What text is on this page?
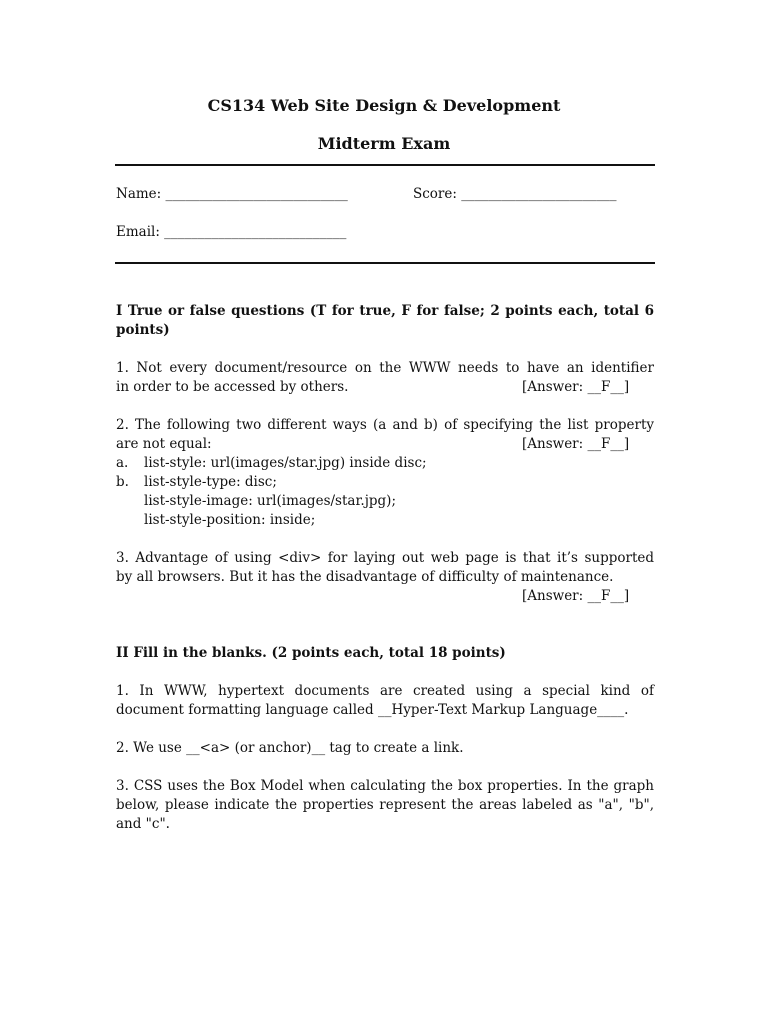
CS134 Web Site Design & Development
Midterm Exam
Name: ___________________________	Score: _______________________
Email: ___________________________
I True or false questions (T for true, F for false; 2 points each, total 6
points)
1. Not every document/resource on the WWW needs to have an identifier
in order to be accessed by others.	[Answer: __F__]
2. The following two different ways (a and b) of specifying the list property
are not equal:	[Answer: __F__]
a. list-style: url(images/star.jpg) inside disc;
b. list-style-type: disc;
list-style-image: url(images/star.jpg);
list-style-position: inside;
3. Advantage of using <div> for laying out web page is that it’s supported
by all browsers. But it has the disadvantage of difficulty of maintenance.
[Answer: __F__]
II Fill in the blanks. (2 points each, total 18 points)
1. In WWW, hypertext documents are created using a special kind of
document formatting language called __Hyper-Text Markup Language____.
2. We use __<a> (or anchor)__ tag to create a link.
3. CSS uses the Box Model when calculating the box properties. In the graph
below, please indicate the properties represent the areas labeled as "a", "b",
and "c".
